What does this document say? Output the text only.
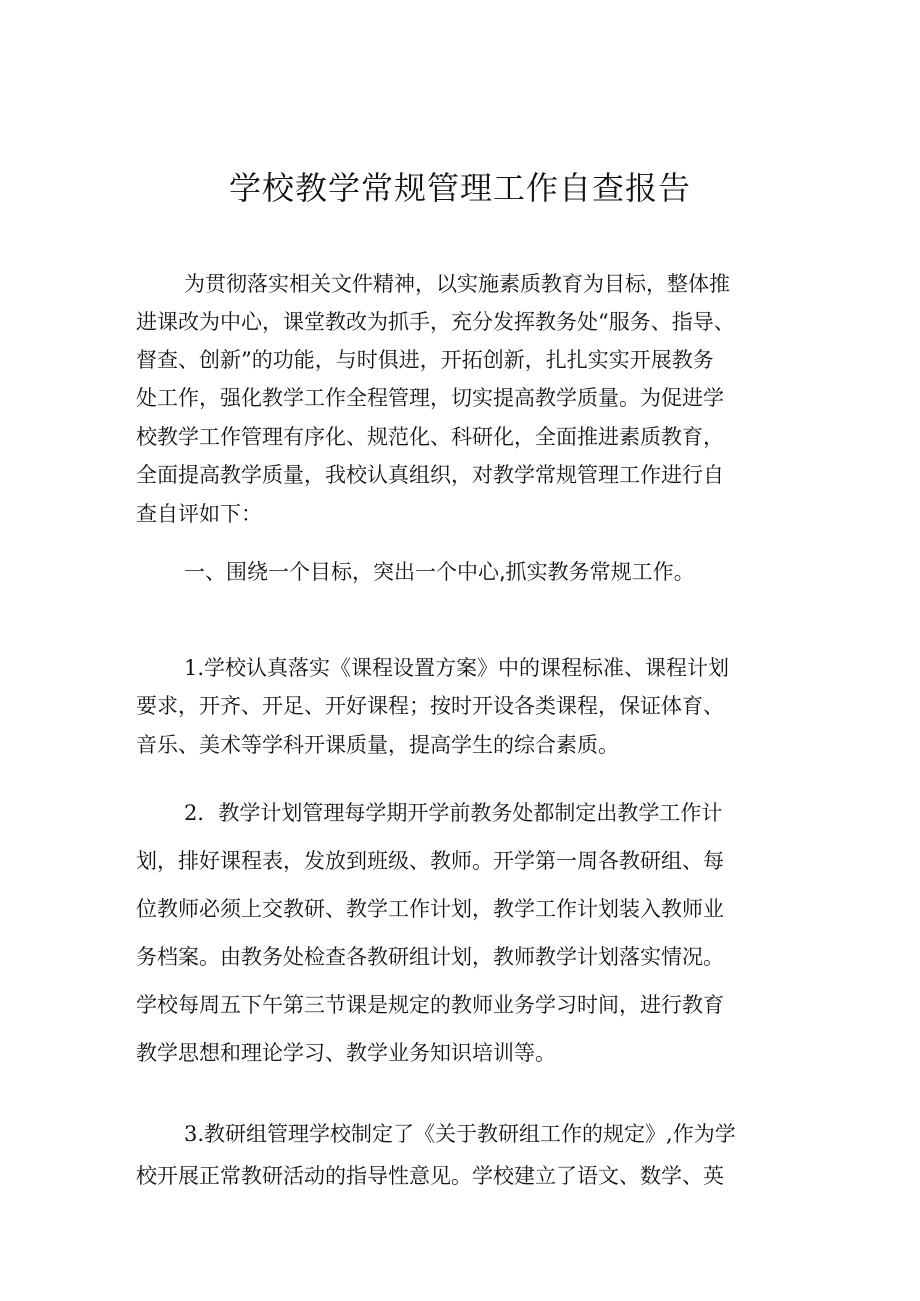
学校教学常规管理工作自查报告
为贯彻落实相关文件精神，以实施素质教育为目标，整体推
进课改为中心，课堂教改为抓手，充分发挥教务处“服务、指导、
督查、创新”的功能，与时俱进，开拓创新，扎扎实实开展教务
处工作，强化教学工作全程管理，切实提高教学质量。为促进学
校教学工作管理有序化、规范化、科研化，全面推进素质教育，
全面提高教学质量，我校认真组织，对教学常规管理工作进行自
查自评如下：
一、围绕一个目标，突出一个中心,抓实教务常规工作。
1.学校认真落实《课程设置方案》中的课程标准、课程计划
要求，开齐、开足、开好课程；按时开设各类课程，保证体育、
音乐、美术等学科开课质量，提高学生的综合素质。
2．教学计划管理每学期开学前教务处都制定出教学工作计
划，排好课程表，发放到班级、教师。开学第一周各教研组、每
位教师必须上交教研、教学工作计划，教学工作计划装入教师业
务档案。由教务处检查各教研组计划，教师教学计划落实情况。
学校每周五下午第三节课是规定的教师业务学习时间，进行教育
教学思想和理论学习、教学业务知识培训等。
3.教研组管理学校制定了《关于教研组工作的规定》,作为学
校开展正常教研活动的指导性意见。学校建立了语文、数学、英
